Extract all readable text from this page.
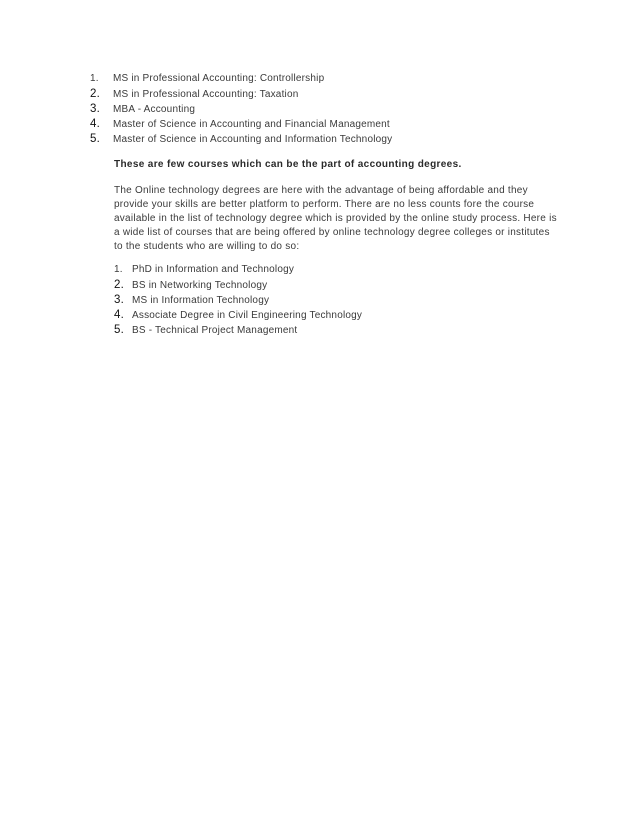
1.	MS in Professional Accounting: Controllership
2.	MS in Professional Accounting: Taxation
3.	MBA - Accounting
4.	Master of Science in Accounting and Financial Management
5.	Master of Science in Accounting and Information Technology
These are few courses which can be the part of accounting degrees.
The Online technology degrees are here with the advantage of being affordable and they
provide your skills are better platform to perform. There are no less counts fore the course
available in the list of technology degree which is provided by the online study process. Here is
a wide list of courses that are being offered by online technology degree colleges or institutes
to the students who are willing to do so:
1. PhD in Information and Technology
2. BS in Networking Technology
3. MS in Information Technology
4. Associate Degree in Civil Engineering Technology
5. BS - Technical Project Management
